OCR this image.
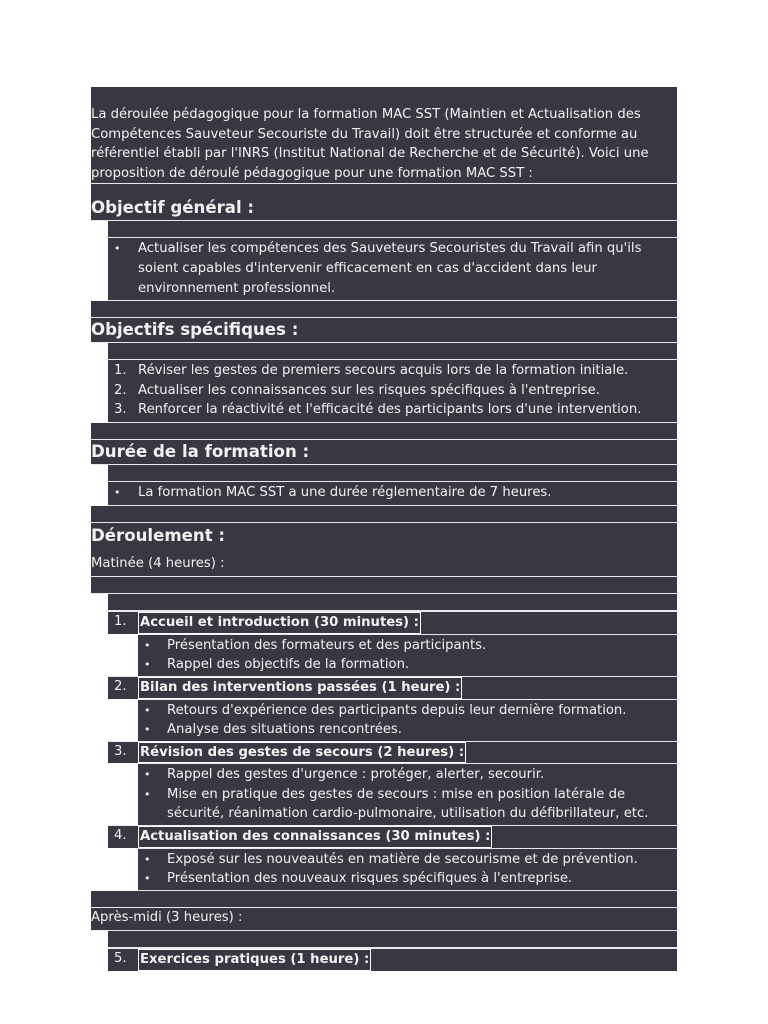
La déroulée pédagogique pour la formation MAC SST (Maintien et Actualisation des Compétences Sauveteur Secouriste du Travail) doit être structurée et conforme au référentiel établi par l'INRS (Institut National de Recherche et de Sécurité). Voici une proposition de déroulé pédagogique pour une formation MAC SST :
Objectif général :
• Actualiser les compétences des Sauveteurs Secouristes du Travail afin qu'ils soient capables d'intervenir efficacement en cas d'accident dans leur environnement professionnel.
Objectifs spécifiques :
1. Réviser les gestes de premiers secours acquis lors de la formation initiale.
2. Actualiser les connaissances sur les risques spécifiques à l'entreprise.
3. Renforcer la réactivité et l'efficacité des participants lors d'une intervention.
Durée de la formation :
• La formation MAC SST a une durée réglementaire de 7 heures.
Déroulement :
Matinée (4 heures) :
1. Accueil et introduction (30 minutes) :
• Présentation des formateurs et des participants.
• Rappel des objectifs de la formation.
2. Bilan des interventions passées (1 heure) :
• Retours d'expérience des participants depuis leur dernière formation.
• Analyse des situations rencontrées.
3. Révision des gestes de secours (2 heures) :
• Rappel des gestes d'urgence : protéger, alerter, secourir.
• Mise en pratique des gestes de secours : mise en position latérale de sécurité, réanimation cardio-pulmonaire, utilisation du défibrillateur, etc.
4. Actualisation des connaissances (30 minutes) :
• Exposé sur les nouveautés en matière de secourisme et de prévention.
• Présentation des nouveaux risques spécifiques à l'entreprise.
Après-midi (3 heures) :
5. Exercices pratiques (1 heure) :
